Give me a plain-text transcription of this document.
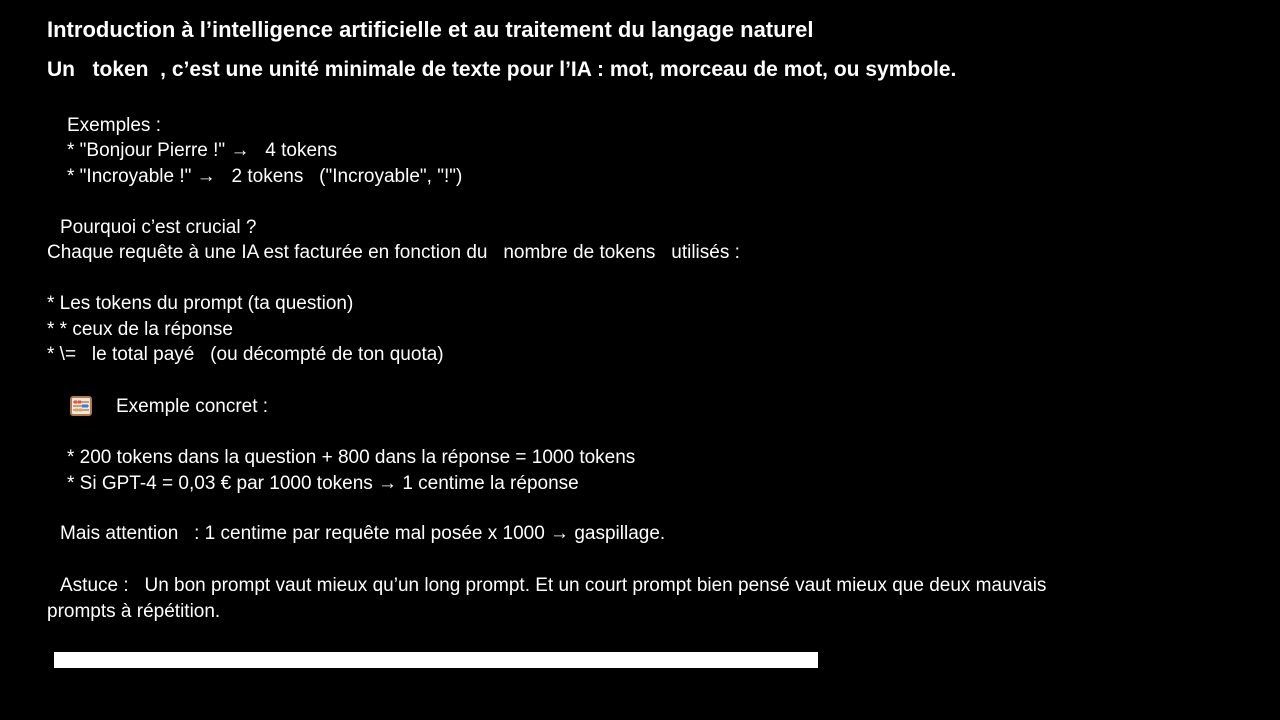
Introduction à l’intelligence artificielle et au traitement du langage naturel
Un   token  , c’est une unité minimale de texte pour l’IA : mot, morceau de mot, ou symbole.
Exemples :
* "Bonjour Pierre !" →   4 tokens
* "Incroyable !" →   2 tokens   ("Incroyable", "!")
Pourquoi c’est crucial ?
Chaque requête à une IA est facturée en fonction du   nombre de tokens   utilisés :
* Les tokens du prompt (ta question)
* * ceux de la réponse
* \=   le total payé   (ou décompté de ton quota)
Exemple concret :
* 200 tokens dans la question + 800 dans la réponse = 1000 tokens
* Si GPT-4 = 0,03 € par 1000 tokens → 1 centime la réponse
Mais attention   : 1 centime par requête mal posée x 1000 → gaspillage.
Astuce :   Un bon prompt vaut mieux qu’un long prompt. Et un court prompt bien pensé vaut mieux que deux mauvais
prompts à répétition.
